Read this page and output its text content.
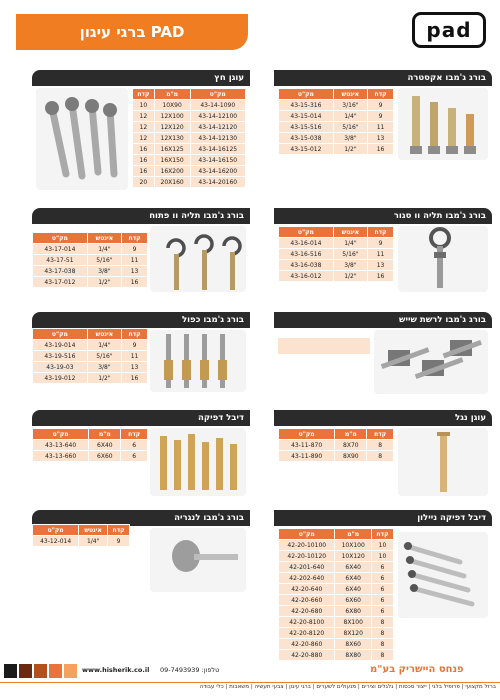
ברגי עיגון PAD	pad
בורג ג'מבו אקסטרה
מק"ט	אינטש	קדח
43-15-316	3/16"	9
43-15-014	1/4"	9
43-15-516	5/16"	11
43-15-038	3/8"	13
43-15-012	1/2"	16
בורג ג'מבו תליה וו סגור
מק"ט	אינטש	קדח
43-16-014	1/4"	9
43-16-516	5/16"	11
43-16-038	3/8"	13
43-16-012	1/2"	16
בורג ג'מבו לרשת שייש
עוגן נגל
מק"ט	מ"מ	קדח
43-11-870	8X70	8
43-11-890	8X90	8
דיבל דפיקה ניילון
מק"ט	מ"מ	קדח
42-20-10100	10X100	10
42-20-10120	10X120	10
42-201-640	6X40	6
42-202-640	6X40	6
42-20-640	6X40	6
42-20-660	6X60	6
42-20-680	6X80	6
42-20-8100	8X100	8
42-20-8120	8X120	8
42-20-860	8X60	8
42-20-880	8X80	8
עוגן חץ
מק"ט	מ"מ	קדח
43-14-1090	10X90	10
43-14-12100	12X100	12
43-14-12120	12X120	12
43-14-12130	12X130	12
43-14-16125	16X125	16
43-14-16150	16X150	16
43-14-16200	16X200	16
43-14-20160	20X160	20
בורג ג'מבו תליה וו פתוח
מק"ט	אינטש	קדח
43-17-014	1/4"	9
43-17-51	5/16"	11
43-17-038	3/8"	13
43-17-012	1/2"	16
בורג ג'מבו כפול
מק"ט	אינטש	קדח
43-19-014	1/4"	9
43-19-516	5/16"	11
43-19-03	3/8"	13
43-19-012	1/2"	16
דיבל דפיקה
מק"ט	מ"מ	קדח
43-13-640	6X40	6
43-13-660	6X60	6
בורג ג'מבו לנגריה
מק"ט	אינטש	קדח
43-12-014	1/4"	9
www.hisherik.co.il טלפון: 09-7493939	פנחס היישריק בע"מ
ברזל מקצועי | פרופיל בלגי | ייצור סכסות | גלגלים וצירים | מנעולים לשערים | ברגי עיגון | צבעי תעשיה | משאבות | כלי עבודה
